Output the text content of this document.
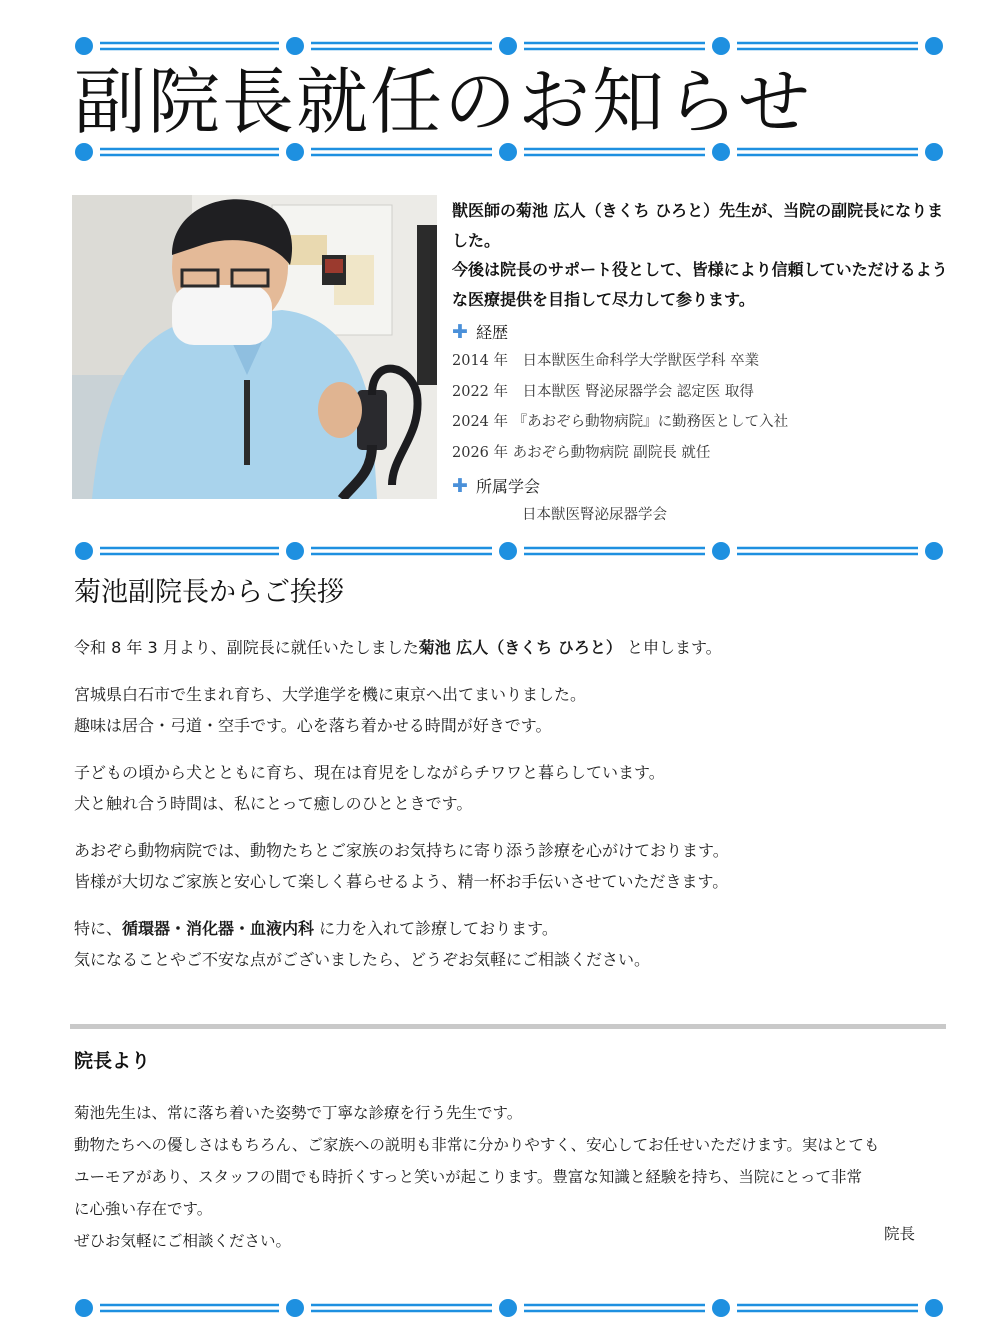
副院長就任のお知らせ

獣医師の菊池 広人（きくち ひろと）先生が、当院の副院長になりました。

今後は院長のサポート役として、皆様により信頼していただけるような医療提供を目指して尽力して参ります。

✚ 経歴
2014 年　日本獣医生命科学大学獣医学科 卒業
2022 年　日本獣医 腎泌尿器学会 認定医 取得
2024 年 『あおぞら動物病院』に勤務医として入社
2026 年 あおぞら動物病院 副院長 就任
✚ 所属学会
日本獣医腎泌尿器学会
菊池副院長からご挨拶

令和 8 年 3 月より、副院長に就任いたしました菊池 広人（きくち ひろと） と申します。

宮城県白石市で生まれ育ち、大学進学を機に東京へ出てまいりました。
趣味は居合・弓道・空手です。心を落ち着かせる時間が好きです。

子どもの頃から犬とともに育ち、現在は育児をしながらチワワと暮らしています。
犬と触れ合う時間は、私にとって癒しのひとときです。

あおぞら動物病院では、動物たちとご家族のお気持ちに寄り添う診療を心がけております。
皆様が大切なご家族と安心して楽しく暮らせるよう、精一杯お手伝いさせていただきます。

特に、循環器・消化器・血液内科 に力を入れて診療しております。
気になることやご不安な点がございましたら、どうぞお気軽にご相談ください。

院長より

菊池先生は、常に落ち着いた姿勢で丁寧な診療を行う先生です。

動物たちへの優しさはもちろん、ご家族への説明も非常に分かりやすく、安心してお任せいただけます。実はとても

ユーモアがあり、スタッフの間でも時折くすっと笑いが起こります。豊富な知識と経験を持ち、当院にとって非常

に心強い存在です。

ぜひお気軽にご相談ください。	院長
